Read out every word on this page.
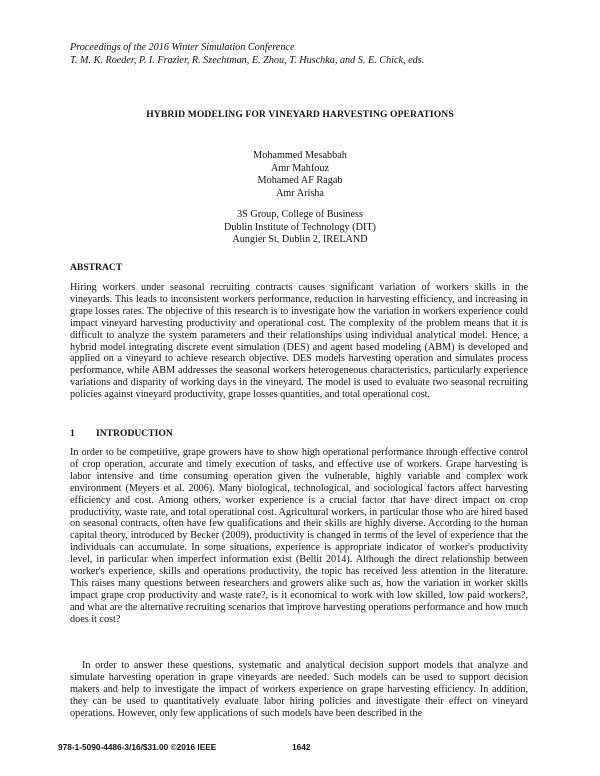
Proceedings of the 2016 Winter Simulation Conference
T. M. K. Roeder, P. I. Frazier, R. Szechtman, E. Zhou, T. Huschka, and S. E. Chick, eds.
HYBRID MODELING FOR VINEYARD HARVESTING OPERATIONS
Mohammed Mesabbah
Amr Mahfouz
Mohamed AF Ragab
Amr Arisha
3S Group, College of Business
Dublin Institute of Technology (DIT)
Aungier St, Dublin 2, IRELAND
ABSTRACT
Hiring workers under seasonal recruiting contracts causes significant variation of workers skills in the vineyards. This leads to inconsistent workers performance, reduction in harvesting efficiency, and increasing in grape losses rates. The objective of this research is to investigate how the variation in workers experience could impact vineyard harvesting productivity and operational cost. The complexity of the problem means that it is difficult to analyze the system parameters and their relationships using individual analytical model. Hence, a hybrid model integrating discrete event simulation (DES) and agent based modeling (ABM) is developed and applied on a vineyard to achieve research objective. DES models harvesting operation and simulates process performance, while ABM addresses the seasonal workers heterogeneous characteristics, particularly experience variations and disparity of working days in the vineyard. The model is used to evaluate two seasonal recruiting policies against vineyard productivity, grape losses quantities, and total operational cost.
1 INTRODUCTION
In order to be competitive, grape growers have to show high operational performance through effective control of crop operation, accurate and timely execution of tasks, and effective use of workers. Grape harvesting is labor intensive and time consuming operation given the vulnerable, highly variable and complex work environment (Meyers et al. 2006). Many biological, technological, and sociological factors affect harvesting efficiency and cost. Among others, worker experience is a crucial factor that have direct impact on crop productivity, waste rate, and total operational cost. Agricultural workers, in particular those who are hired based on seasonal contracts, often have few qualifications and their skills are highly diverse. According to the human capital theory, introduced by Becker (2009), productivity is changed in terms of the level of experience that the individuals can accumulate. In some situations, experience is appropriate indicator of worker's productivity level, in particular when imperfect information exist (Bellit 2014). Although the direct relationship between worker's experience, skills and operations productivity, the topic has received less attention in the literature. This raises many questions between researchers and growers alike such as, how the variation in worker skills impact grape crop productivity and waste rate?, is it economical to work with low skilled, low paid workers?, and what are the alternative recruiting scenarios that improve harvesting operations performance and how much does it cost?
In order to answer these questions, systematic and analytical decision support models that analyze and simulate harvesting operation in grape vineyards are needed. Such models can be used to support decision makers and help to investigate the impact of workers experience on grape harvesting efficiency. In addition, they can be used to quantitatively evaluate labor hiring policies and investigate their effect on vineyard operations. However, only few applications of such models have been described in the
978-1-5090-4486-3/16/$31.00 ©2016 IEEE	1642
